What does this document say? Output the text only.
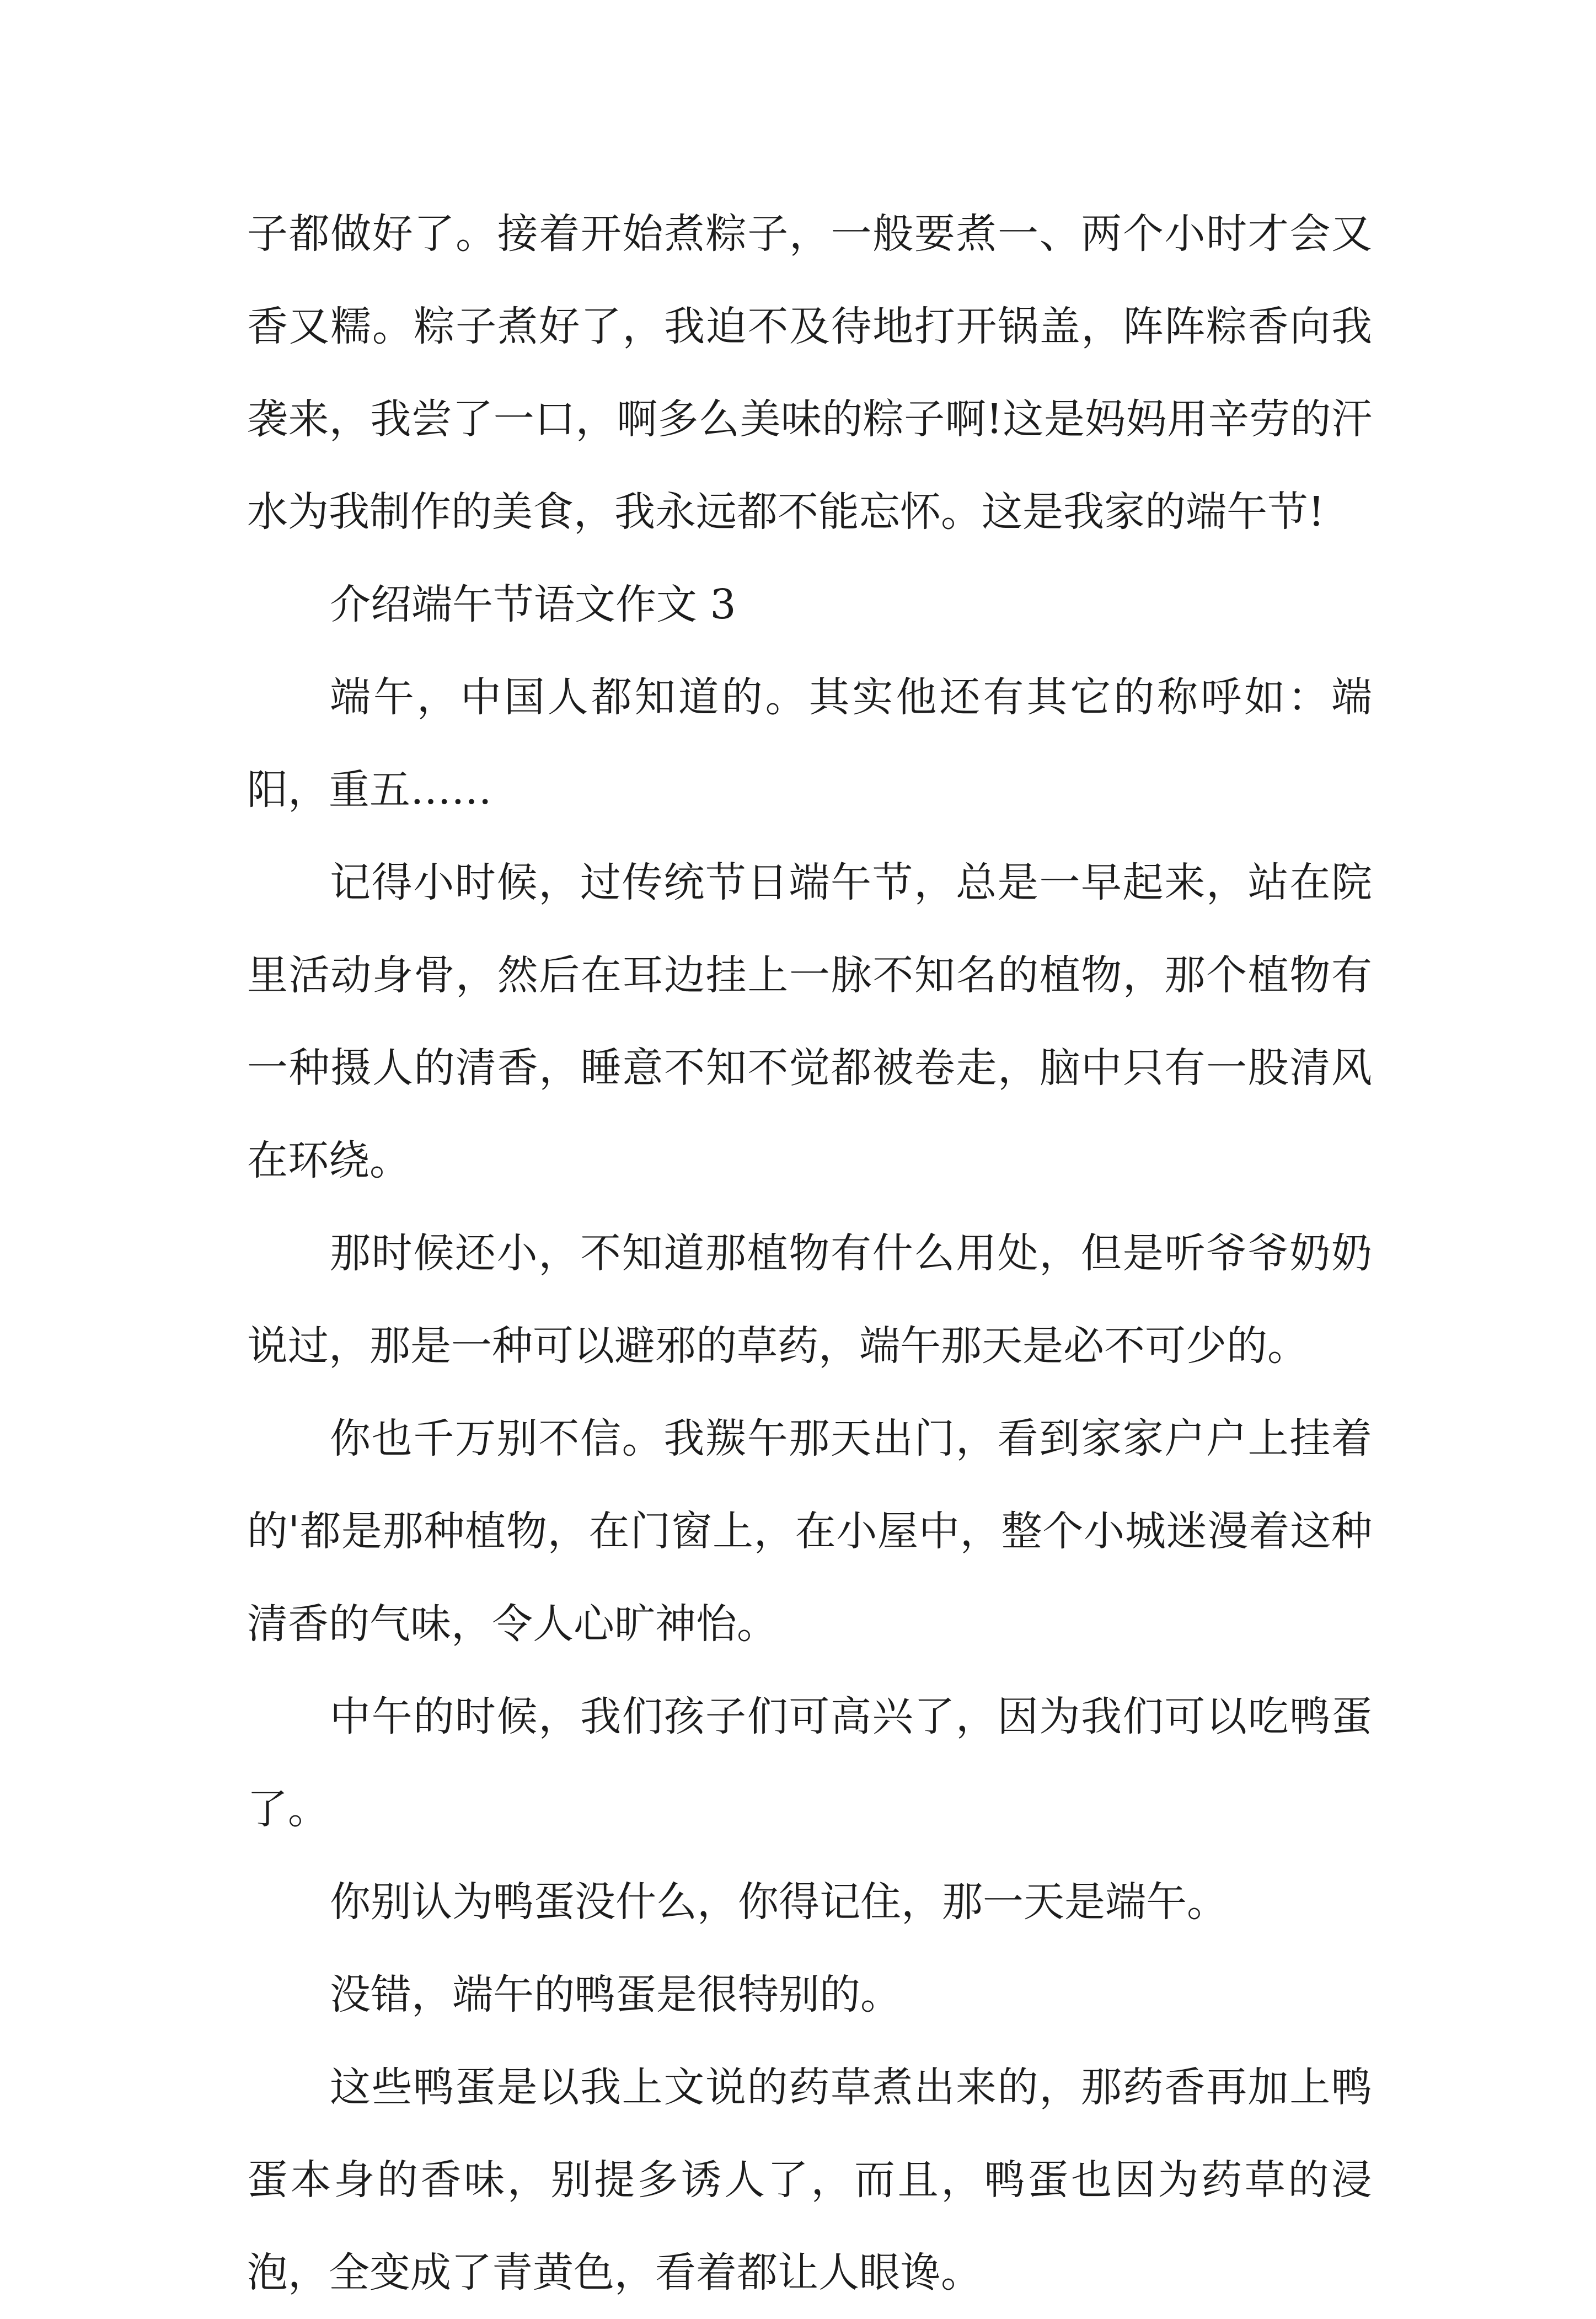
子都做好了。接着开始煮粽子，一般要煮一、两个小时才会又香又糯。粽子煮好了，我迫不及待地打开锅盖，阵阵粽香向我袭来，我尝了一口，啊多么美味的粽子啊!这是妈妈用辛劳的汗水为我制作的美食，我永远都不能忘怀。这是我家的端午节!

介绍端午节语文作文 3

端午，中国人都知道的。其实他还有其它的称呼如：端阳，重五……

记得小时候，过传统节日端午节，总是一早起来，站在院里活动身骨，然后在耳边挂上一脉不知名的植物，那个植物有一种摄人的清香，睡意不知不觉都被卷走，脑中只有一股清风在环绕。

那时候还小，不知道那植物有什么用处，但是听爷爷奶奶说过，那是一种可以避邪的草药，端午那天是必不可少的。

你也千万别不信。我羰午那天出门，看到家家户户上挂着的'都是那种植物，在门窗上，在小屋中，整个小城迷漫着这种清香的气味，令人心旷神怡。

中午的时候，我们孩子们可高兴了，因为我们可以吃鸭蛋了。

你别认为鸭蛋没什么，你得记住，那一天是端午。

没错，端午的鸭蛋是很特别的。

这些鸭蛋是以我上文说的药草煮出来的，那药香再加上鸭蛋本身的香味，别提多诱人了，而且，鸭蛋也因为药草的浸泡，全变成了青黄色，看着都让人眼谗。
